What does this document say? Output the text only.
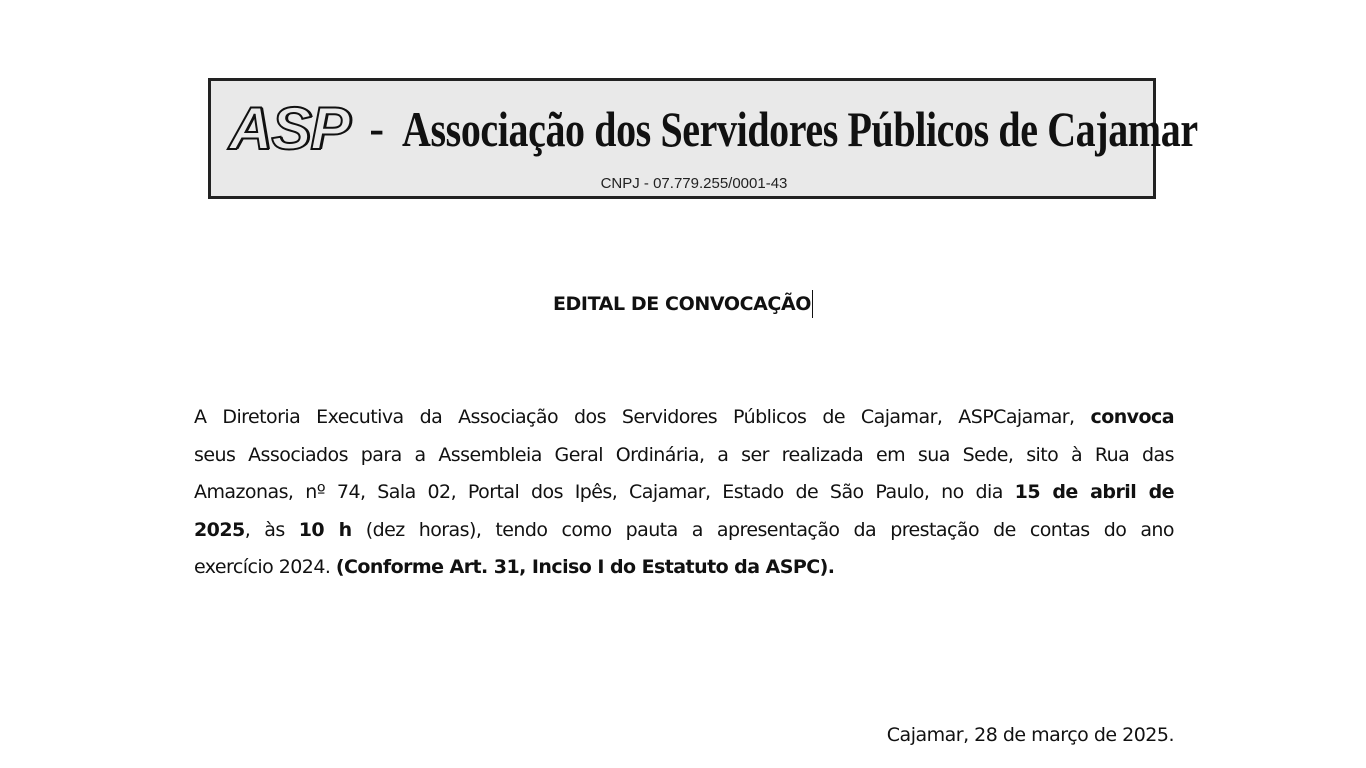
ASP - Associação dos Servidores Públicos de Cajamar
CNPJ - 07.779.255/0001-43
EDITAL DE CONVOCAÇÃO
A Diretoria Executiva da Associação dos Servidores Públicos de Cajamar, ASPCajamar, convoca
seus Associados para a Assembleia Geral Ordinária, a ser realizada em sua Sede, sito à Rua das
Amazonas, nº 74, Sala 02, Portal dos Ipês, Cajamar, Estado de São Paulo, no dia 15 de abril de
2025, às 10 h (dez horas), tendo como pauta a apresentação da prestação de contas do ano
exercício 2024. (Conforme Art. 31, Inciso I do Estatuto da ASPC).
Cajamar, 28 de março de 2025.
